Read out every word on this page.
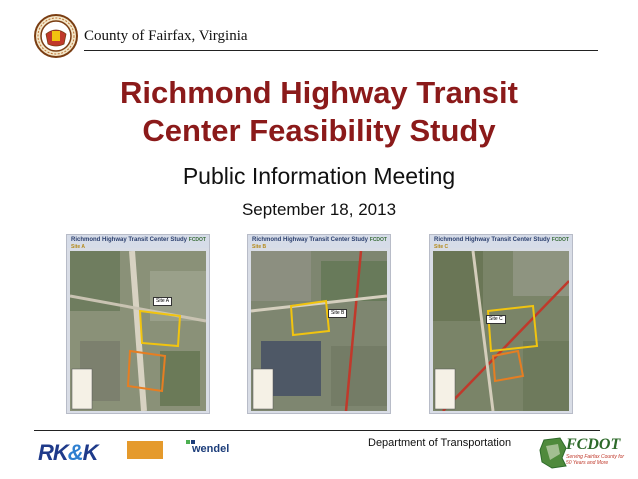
County of Fairfax, Virginia
Richmond Highway Transit
Center Feasibility Study
Public Information Meeting
September 18, 2013
Richmond Highway Transit Center Study
Site A
FCDOT
Site A
Richmond Highway Transit Center Study
Site B
FCDOT
Site B
Richmond Highway Transit Center Study
Site C
FCDOT
Site C
RK&K	wendel	Department of Transportation	FCDOT
Serving Fairfax County for 50 Years and More
